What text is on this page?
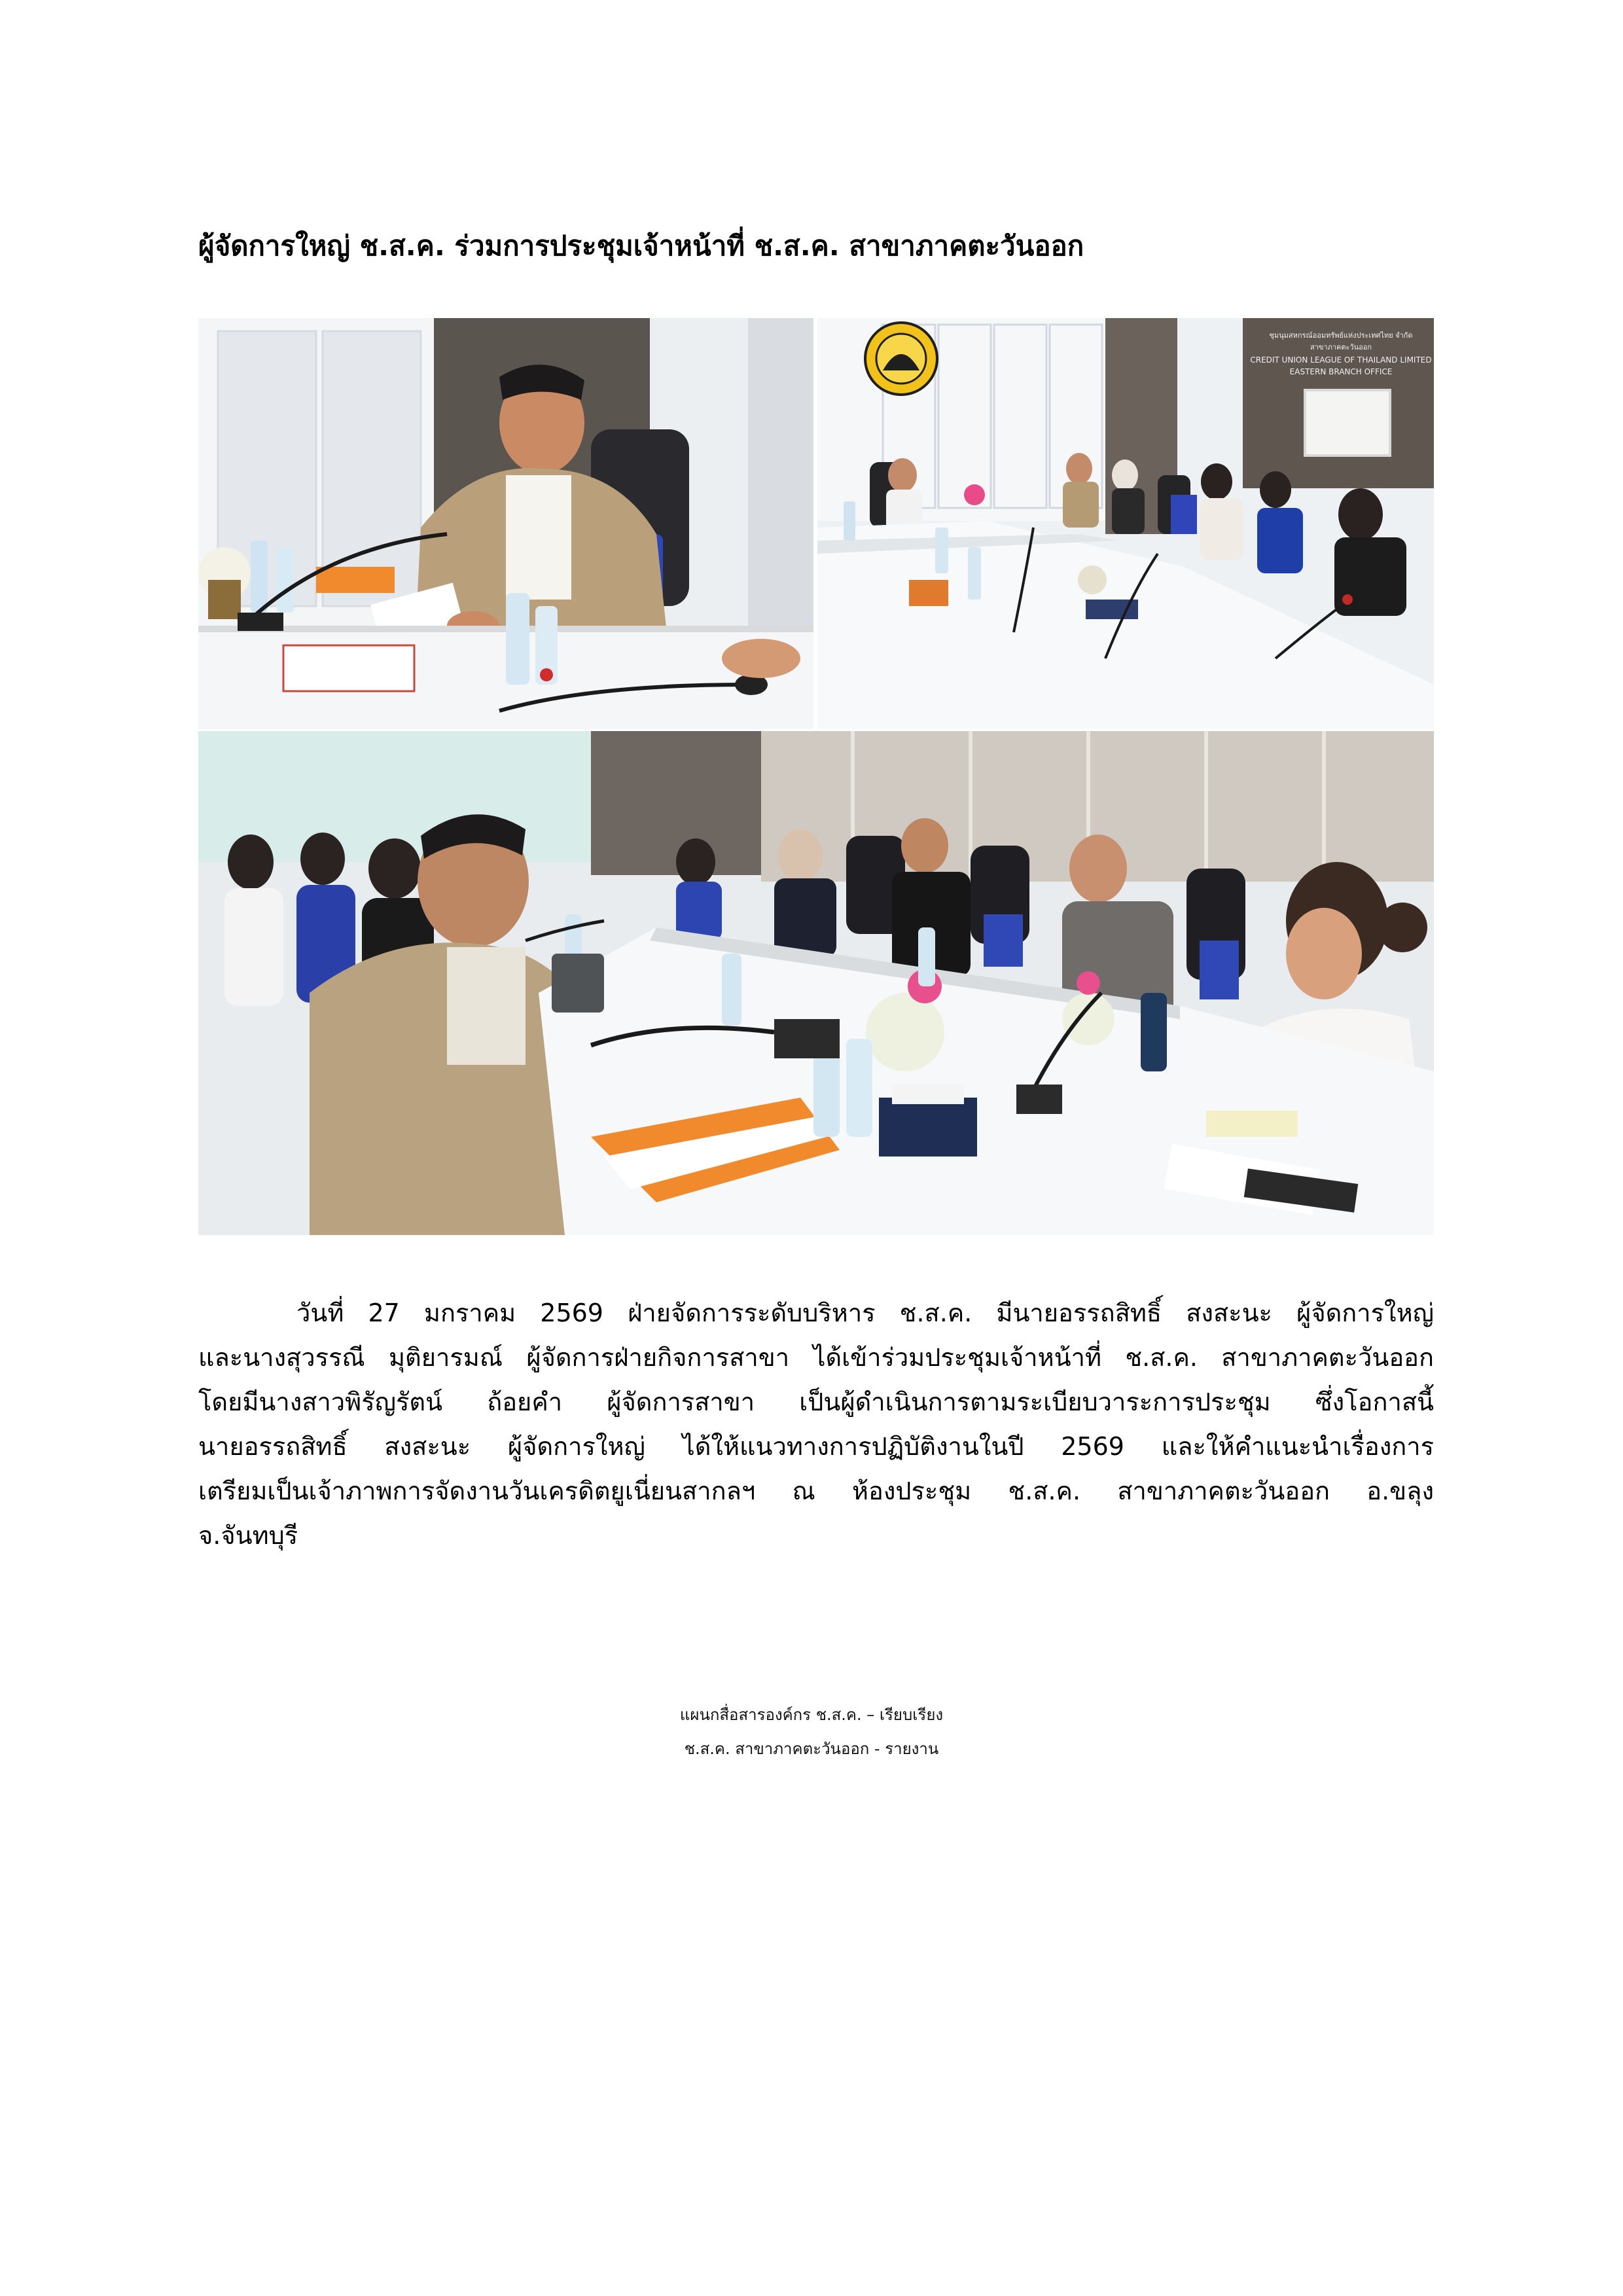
ผู้จัดการใหญ่ ช.ส.ค. ร่วมการประชุมเจ้าหน้าที่ ช.ส.ค. สาขาภาคตะวันออก
ชุมนุมสหกรณ์ออมทรัพย์แห่งประเทศไทย จำกัด
สาขาภาคตะวันออก
CREDIT UNION LEAGUE OF THAILAND LIMITED
EASTERN BRANCH OFFICE
วันที่ 27 มกราคม 2569 ฝ่ายจัดการระดับบริหาร ช.ส.ค. มีนายอรรถสิทธิ์ สงสะนะ ผู้จัดการใหญ่
และนางสุวรรณี มุติยารมณ์ ผู้จัดการฝ่ายกิจการสาขา ได้เข้าร่วมประชุมเจ้าหน้าที่ ช.ส.ค. สาขาภาคตะวันออก
โดยมีนางสาวพิรัญรัตน์ ถ้อยคำ ผู้จัดการสาขา เป็นผู้ดำเนินการตามระเบียบวาระการประชุม ซึ่งโอกาสนี้
นายอรรถสิทธิ์ สงสะนะ ผู้จัดการใหญ่ ได้ให้แนวทางการปฏิบัติงานในปี 2569 และให้คำแนะนำเรื่องการ
เตรียมเป็นเจ้าภาพการจัดงานวันเครดิตยูเนี่ยนสากลฯ ณ ห้องประชุม ช.ส.ค. สาขาภาคตะวันออก อ.ขลุง
จ.จันทบุรี
แผนกสื่อสารองค์กร ช.ส.ค. – เรียบเรียง
ช.ส.ค. สาขาภาคตะวันออก - รายงาน
